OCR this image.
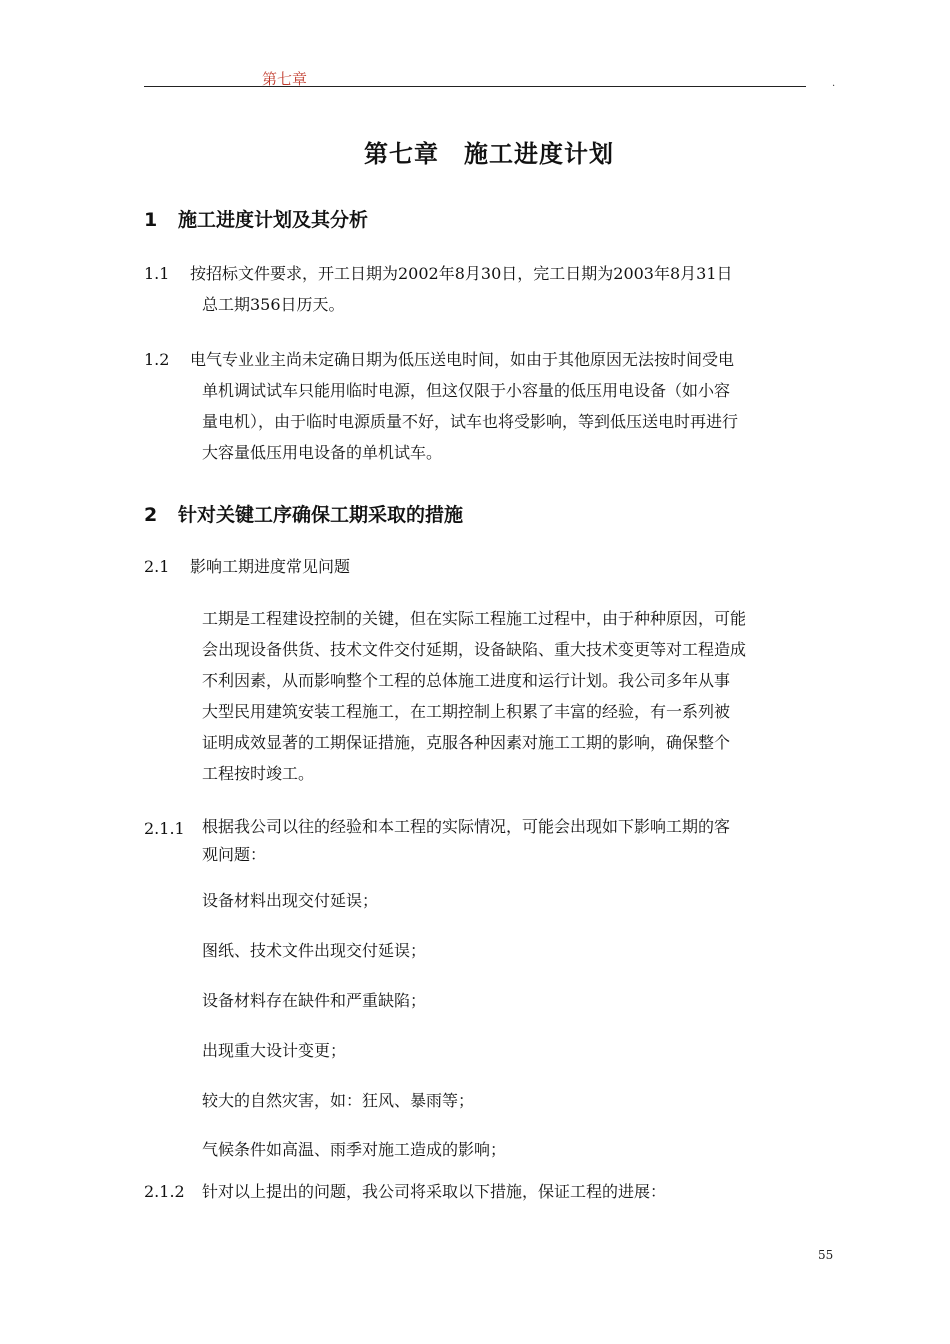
第七章	.
第七章　施工进度计划
1 施工进度计划及其分析
1.1 按招标文件要求，开工日期为2002年8月30日，完工日期为2003年8月31日
总工期356日历天。
1.2 电气专业业主尚未定确日期为低压送电时间，如由于其他原因无法按时间受电
单机调试试车只能用临时电源，但这仅限于小容量的低压用电设备（如小容
量电机），由于临时电源质量不好，试车也将受影响，等到低压送电时再进行
大容量低压用电设备的单机试车。
2 针对关键工序确保工期采取的措施
2.1 影响工期进度常见问题
工期是工程建设控制的关键，但在实际工程施工过程中，由于种种原因，可能
会出现设备供货、技术文件交付延期，设备缺陷、重大技术变更等对工程造成
不利因素，从而影响整个工程的总体施工进度和运行计划。我公司多年从事
大型民用建筑安装工程施工，在工期控制上积累了丰富的经验，有一系列被
证明成效显著的工期保证措施，克服各种因素对施工工期的影响，确保整个
工程按时竣工。
2.1.1 根据我公司以往的经验和本工程的实际情况，可能会出现如下影响工期的客
观问题：
设备材料出现交付延误；
图纸、技术文件出现交付延误；
设备材料存在缺件和严重缺陷；
出现重大设计变更；
较大的自然灾害，如：狂风、暴雨等；
气候条件如高温、雨季对施工造成的影响；
2.1.2 针对以上提出的问题，我公司将采取以下措施，保证工程的进展：
55
